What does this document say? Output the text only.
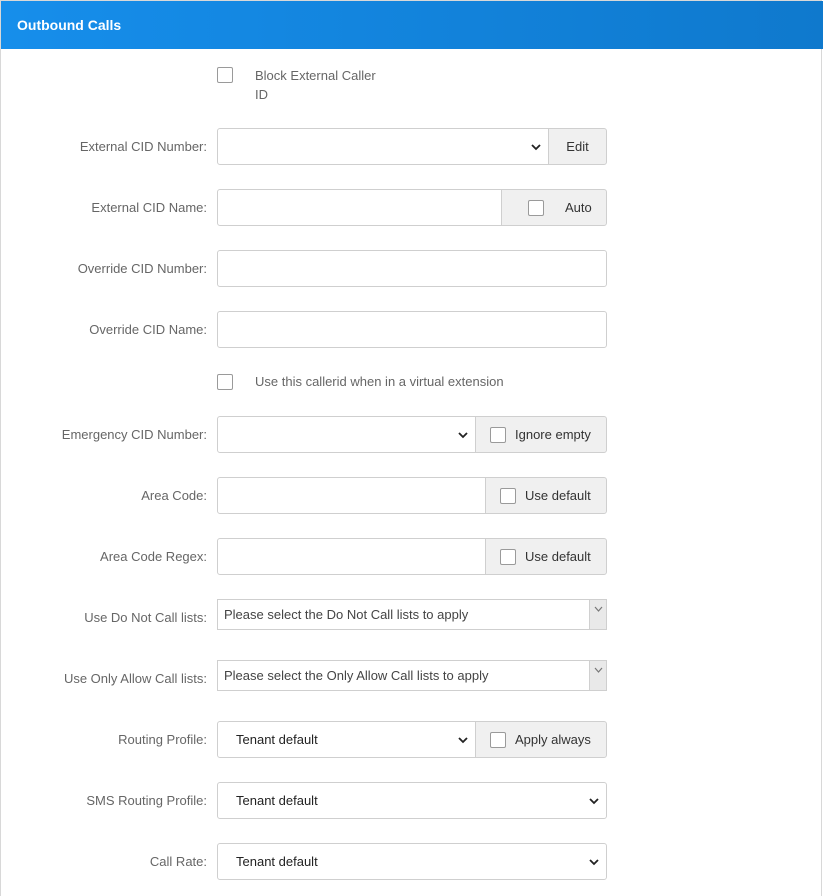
Outbound Calls
Block External Caller ID
External CID Number:	Edit
External CID Name:	Auto
Override CID Number:
Override CID Name:
Use this callerid when in a virtual extension
Emergency CID Number:	Ignore empty
Area Code:	Use default
Area Code Regex:	Use default
Use Do Not Call lists: Please select the Do Not Call lists to apply
Use Only Allow Call lists: Please select the Only Allow Call lists to apply
Routing Profile: Tenant default	Apply always
SMS Routing Profile: Tenant default
Call Rate: Tenant default
